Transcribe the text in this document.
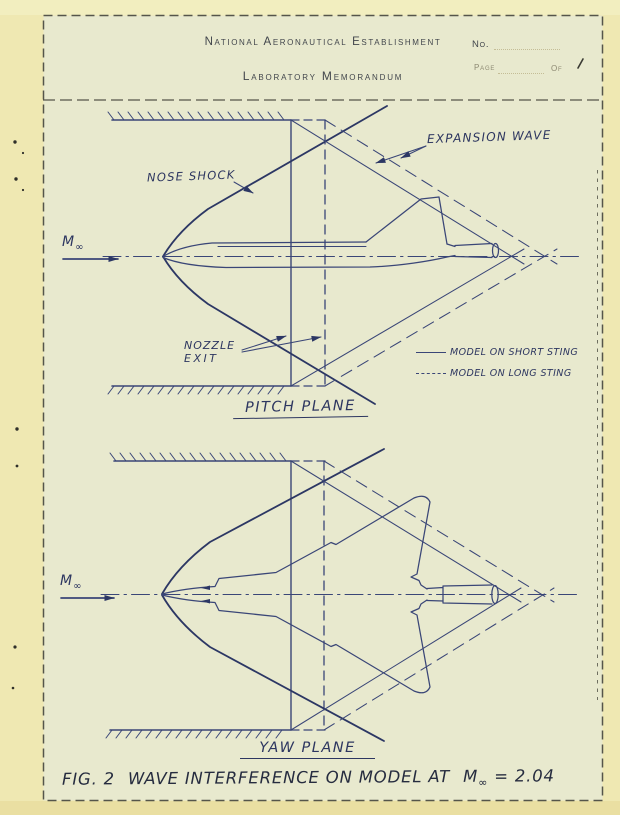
National Aeronautical Establishment
Laboratory Memorandum
No.
Page	Of
NOSE SHOCK
EXPANSION WAVE
NOZZLE
EXIT
$M_\infty$
MODEL ON SHORT STING
MODEL ON LONG STING
PITCH PLANE
$M_\infty$
YAW PLANE
FIG. 2 WAVE INTERFERENCE ON MODEL AT $M_\infty = 2.04$
